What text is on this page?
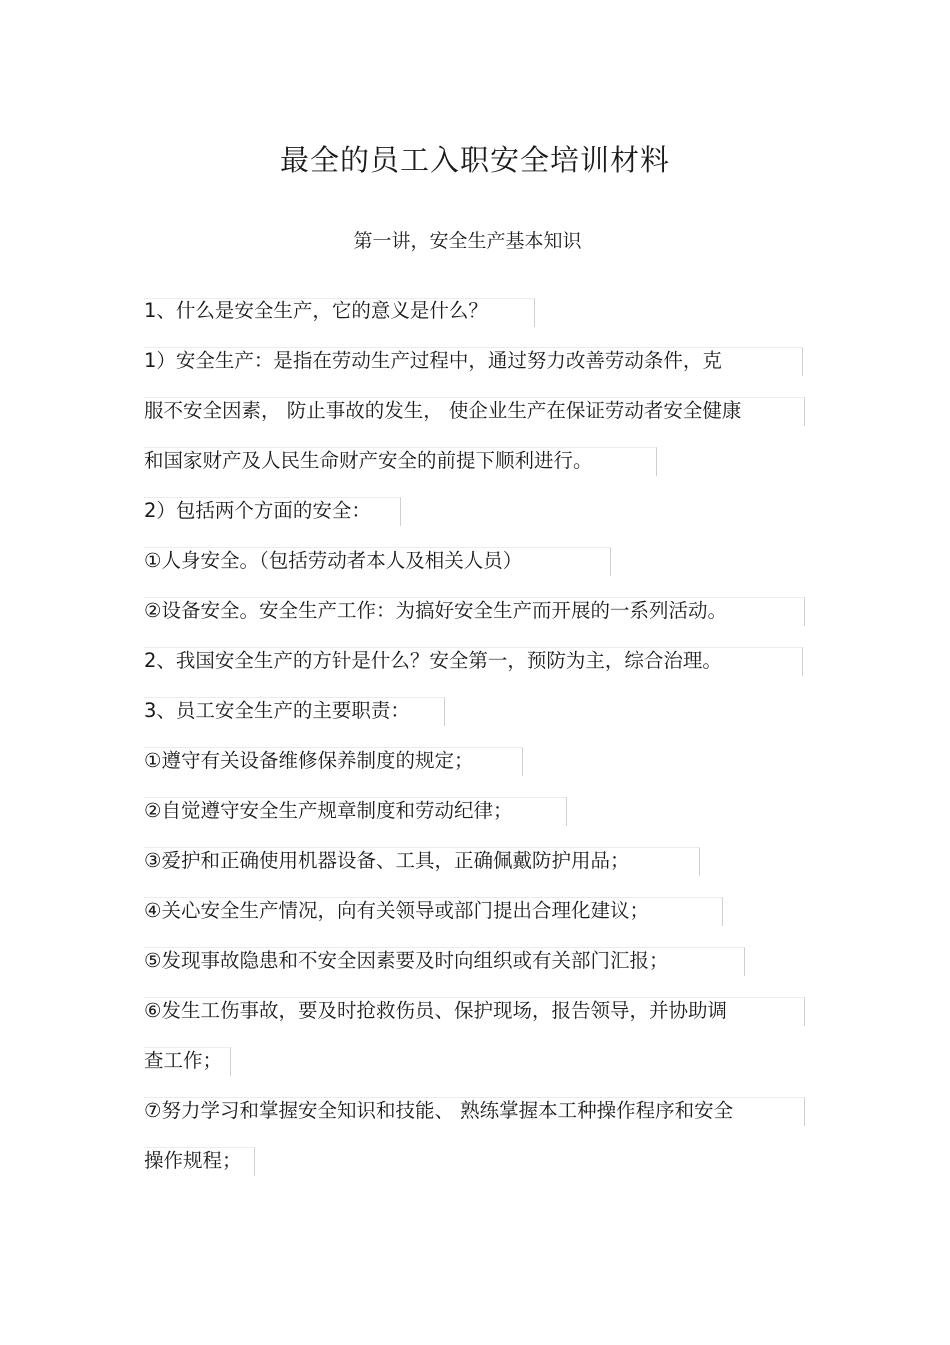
最全的员工入职安全培训材料
第一讲，安全生产基本知识
1、什么是安全生产，它的意义是什么？
1）安全生产：是指在劳动生产过程中，通过努力改善劳动条件，克
服不安全因素， 防止事故的发生， 使企业生产在保证劳动者安全健康
和国家财产及人民生命财产安全的前提下顺利进行。
2）包括两个方面的安全：
①人身安全。（包括劳动者本人及相关人员）
②设备安全。安全生产工作：为搞好安全生产而开展的一系列活动。
2、我国安全生产的方针是什么？安全第一，预防为主，综合治理。
3、员工安全生产的主要职责：
①遵守有关设备维修保养制度的规定；
②自觉遵守安全生产规章制度和劳动纪律；
③爱护和正确使用机器设备、工具，正确佩戴防护用品；
④关心安全生产情况，向有关领导或部门提出合理化建议；
⑤发现事故隐患和不安全因素要及时向组织或有关部门汇报；
⑥发生工伤事故，要及时抢救伤员、保护现场，报告领导，并协助调
查工作；
⑦努力学习和掌握安全知识和技能、 熟练掌握本工种操作程序和安全
操作规程；
